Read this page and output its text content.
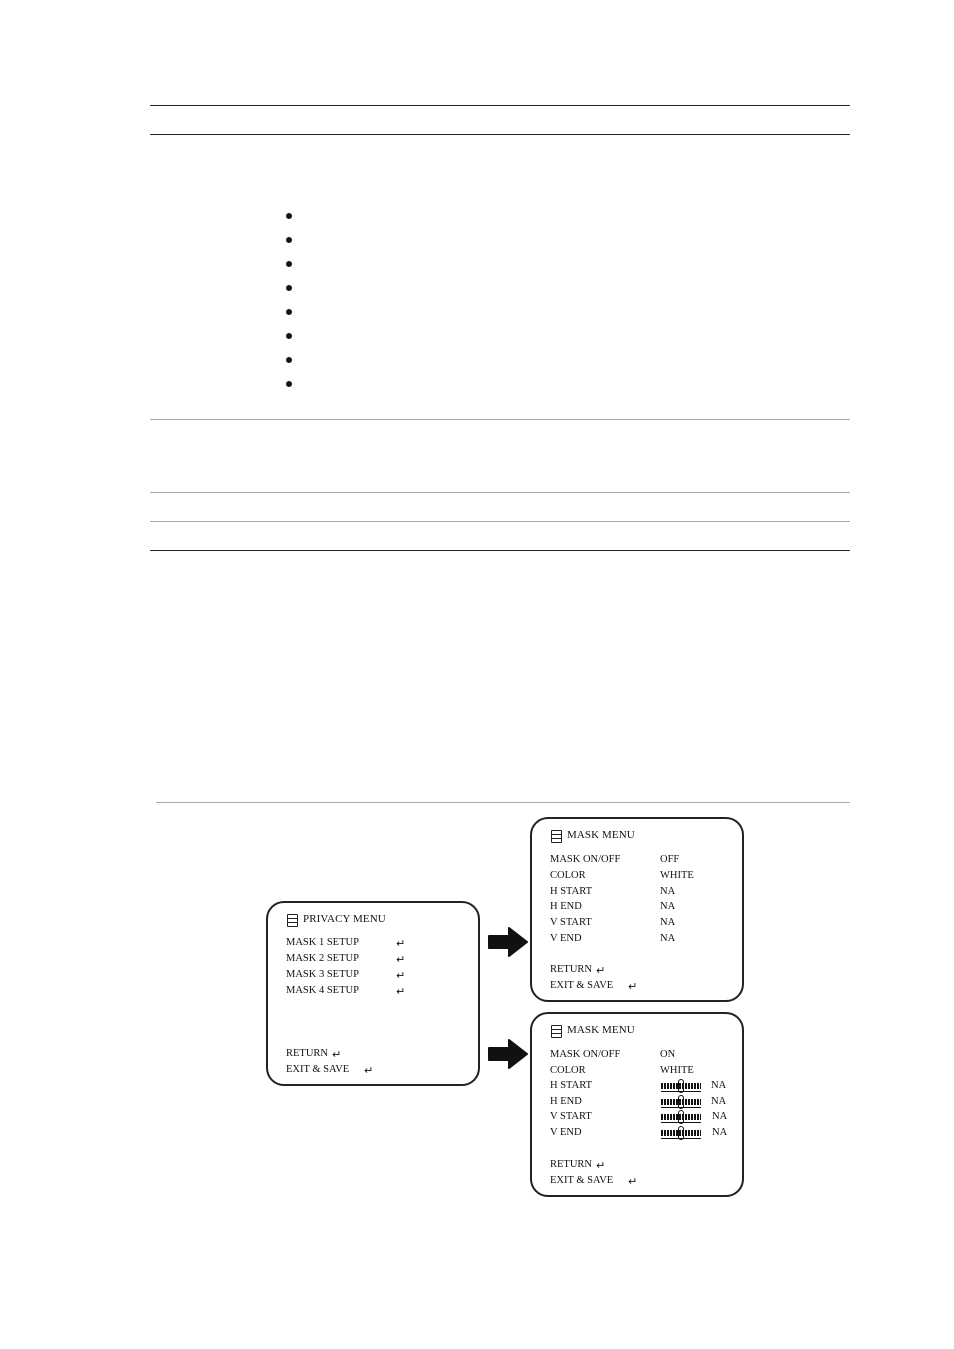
PRIVACY MENU
MASK 1 SETUP	↵
MASK 2 SETUP	↵
MASK 3 SETUP	↵
MASK 4 SETUP	↵
RETURN ↵
EXIT & SAVE ↵
MASK MENU
MASK ON/OFF	OFF
COLOR	WHITE
H START	NA
H END	NA
V START	NA
V END	NA
RETURN ↵
EXIT & SAVE ↵
MASK MENU
MASK ON/OFF	ON
COLOR	WHITE
H START	NA
H END	NA
V START	NA
V END	NA
RETURN ↵
EXIT & SAVE ↵
